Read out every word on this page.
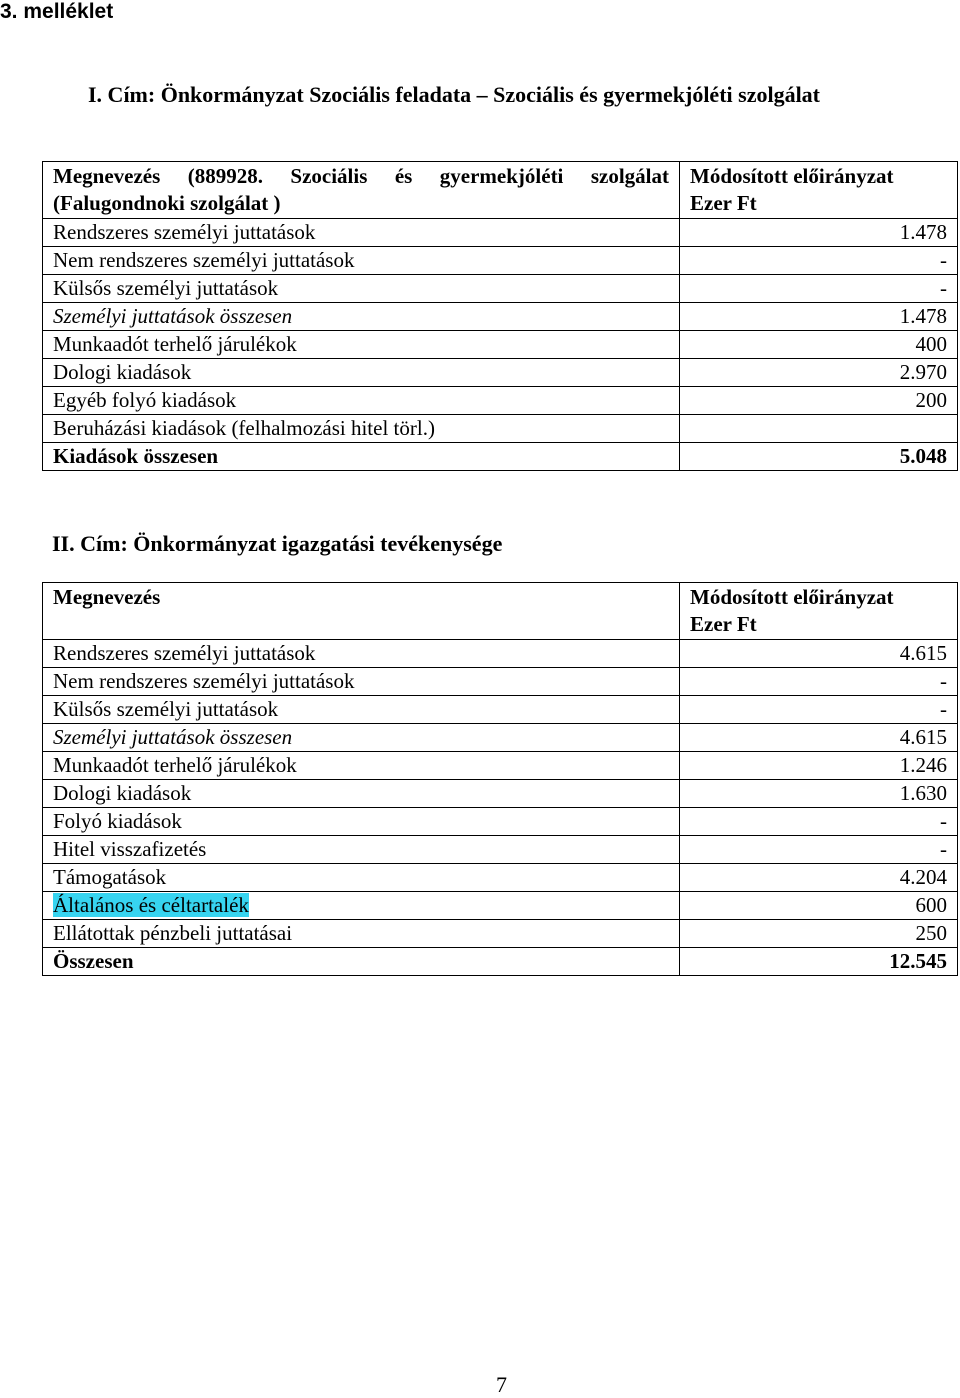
3. melléklet
I. Cím: Önkormányzat Szociális feladata – Szociális és gyermekjóléti szolgálat
Megnevezés (889928. Szociális és gyermekjóléti szolgálat (Falugondnoki szolgálat )	Módosított előirányzat
Ezer Ft

Rendszeres személyi juttatások	1.478
Nem rendszeres személyi juttatások	-
Külsős személyi juttatások	-
Személyi juttatások összesen	1.478
Munkaadót terhelő járulékok	400
Dologi kiadások	2.970
Egyéb folyó kiadások	200
Beruházási kiadások (felhalmozási hitel törl.)	
Kiadások összesen	5.048
II. Cím: Önkormányzat igazgatási tevékenysége
Megnevezés	Módosított előirányzat
Ezer Ft

Rendszeres személyi juttatások	4.615
Nem rendszeres személyi juttatások	-
Külsős személyi juttatások	-
Személyi juttatások összesen	4.615
Munkaadót terhelő járulékok	1.246
Dologi kiadások	1.630
Folyó kiadások	-
Hitel visszafizetés	-
Támogatások	4.204
Általános és céltartalék	600
Ellátottak pénzbeli juttatásai	250
Összesen	12.545
7
